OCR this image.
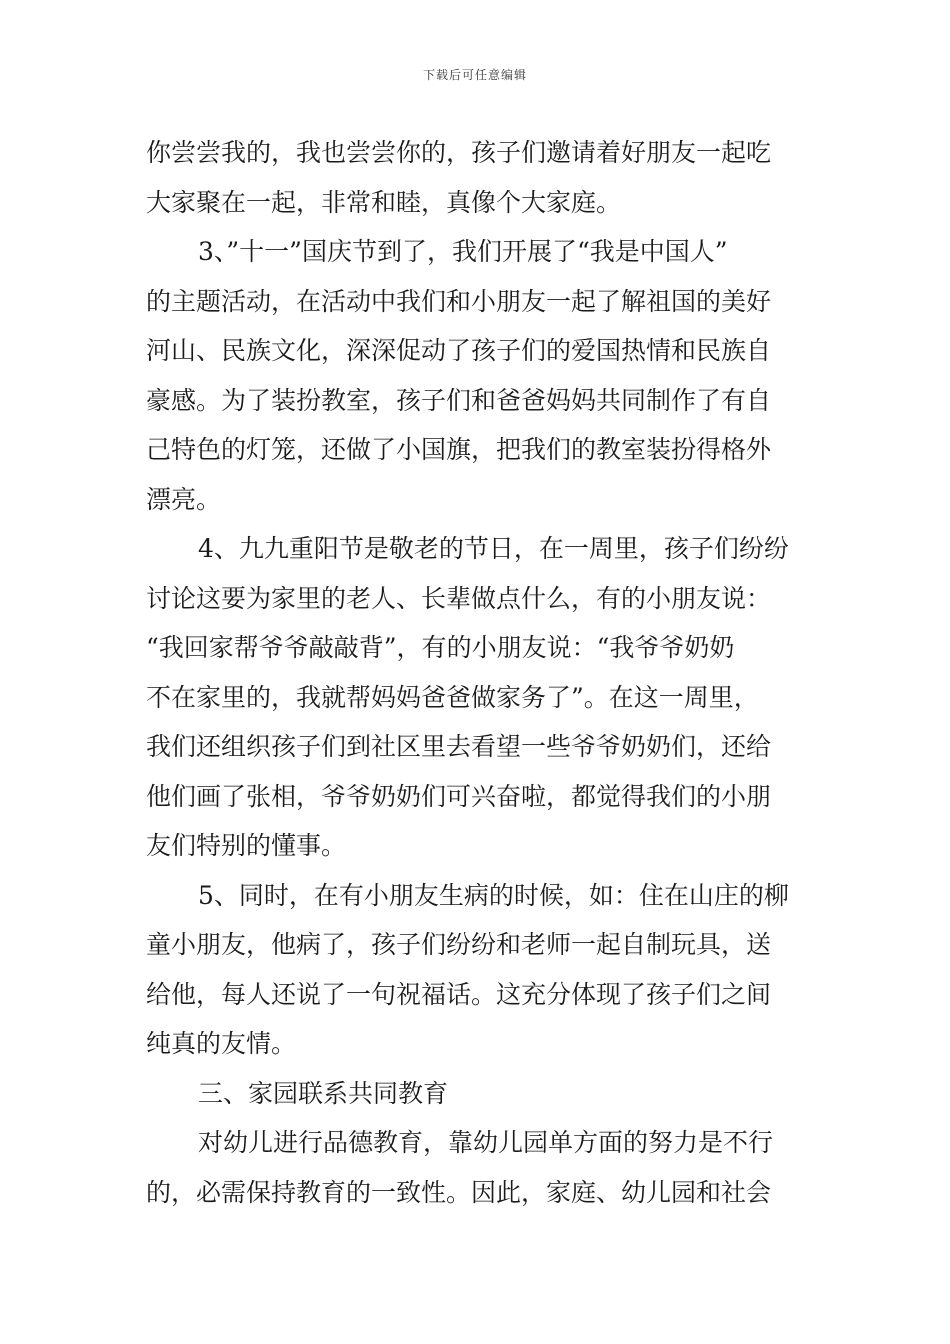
下载后可任意编辑
你尝尝我的，我也尝尝你的，孩子们邀请着好朋友一起吃
大家聚在一起，非常和睦，真像个大家庭。
3、”十一”国庆节到了，我们开展了“我是中国人”
的主题活动，在活动中我们和小朋友一起了解祖国的美好
河山、民族文化，深深促动了孩子们的爱国热情和民族自
豪感。为了装扮教室，孩子们和爸爸妈妈共同制作了有自
己特色的灯笼，还做了小国旗，把我们的教室装扮得格外
漂亮。
4、九九重阳节是敬老的节日，在一周里，孩子们纷纷
讨论这要为家里的老人、长辈做点什么，有的小朋友说：
“我回家帮爷爷敲敲背”，有的小朋友说：“我爷爷奶奶
不在家里的，我就帮妈妈爸爸做家务了”。在这一周里，
我们还组织孩子们到社区里去看望一些爷爷奶奶们，还给
他们画了张相，爷爷奶奶们可兴奋啦，都觉得我们的小朋
友们特别的懂事。
5、同时，在有小朋友生病的时候，如：住在山庄的柳
童小朋友，他病了，孩子们纷纷和老师一起自制玩具，送
给他，每人还说了一句祝福话。这充分体现了孩子们之间
纯真的友情。
三、家园联系共同教育
对幼儿进行品德教育，靠幼儿园单方面的努力是不行
的，必需保持教育的一致性。因此，家庭、幼儿园和社会
